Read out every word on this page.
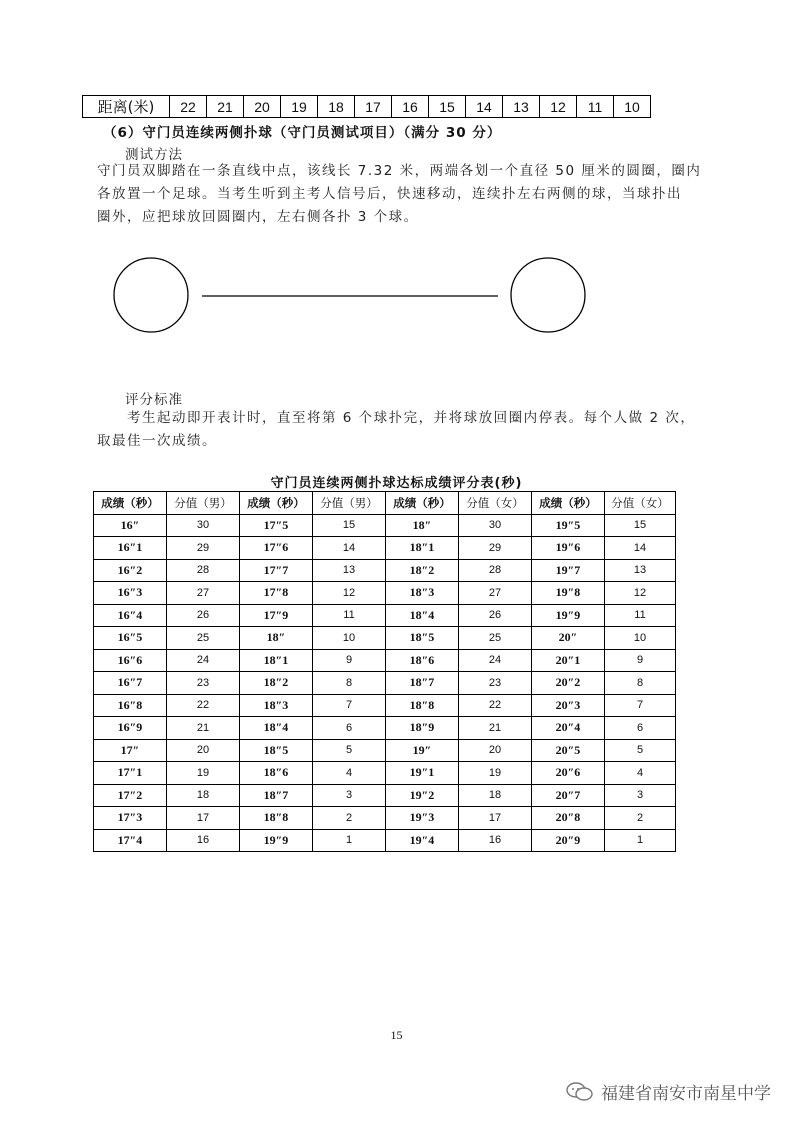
距离(米)	22	21	20	19	18	17	16	15	14	13	12	11	10
（6）守门员连续两侧扑球（守门员测试项目）（满分 30 分）
测试方法
守门员双脚踏在一条直线中点，该线长 7.32 米，两端各划一个直径 50 厘米的圆圈，圈内
各放置一个足球。当考生听到主考人信号后，快速移动，连续扑左右两侧的球，当球扑出
圈外，应把球放回圆圈内，左右侧各扑 3 个球。
评分标准
考生起动即开表计时，直至将第 6 个球扑完，并将球放回圈内停表。每个人做 2 次，
取最佳一次成绩。
守门员连续两侧扑球达标成绩评分表(秒)
成绩（秒）	分值（男）	成绩（秒）	分值（男）	成绩（秒）	分值（女）	成绩（秒）	分值（女）
16″	30	17″5	15	18″	30	19″5	15
16″1	29	17″6	14	18″1	29	19″6	14
16″2	28	17″7	13	18″2	28	19″7	13
16″3	27	17″8	12	18″3	27	19″8	12
16″4	26	17″9	11	18″4	26	19″9	11
16″5	25	18″	10	18″5	25	20″	10
16″6	24	18″1	9	18″6	24	20″1	9
16″7	23	18″2	8	18″7	23	20″2	8
16″8	22	18″3	7	18″8	22	20″3	7
16″9	21	18″4	6	18″9	21	20″4	6
17″	20	18″5	5	19″	20	20″5	5
17″1	19	18″6	4	19″1	19	20″6	4
17″2	18	18″7	3	19″2	18	20″7	3
17″3	17	18″8	2	19″3	17	20″8	2
17″4	16	19″9	1	19″4	16	20″9	1
15
福建省南安市南星中学
